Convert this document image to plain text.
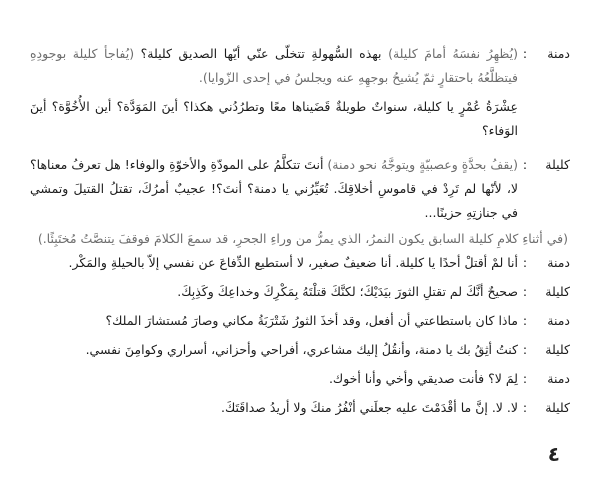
دمنة
:
(يُظهِرُ نفسَهُ أمامَ كليلة) بهذه السُّهولةِ تتخلّى عنّي أيّها الصديق كليلة؟ (يُفاجأ كليلة بوجودِهِ فيتظلَّعُهُ باحتقارٍ ثمّ يُشيحُ بوجهِهِ عنه ويجلسُ في إحدى الزّوايا).
عِشْرَةُ عُمْرٍ يا كليلة، سنواتٌ طويلةٌ قَضَيناها معًا وتطرُدُني هكذا؟ أينَ المَوَدَّة؟ أين الأُخُوَّة؟ أينَ الوَفاء؟
كليلة
:
(يقفُ بحدَّةٍ وعصبيّةٍ ويتوجَّهُ نحو دمنة) أنتَ تتكلَّمُ على المودّةِ والأخوّةِ والوفاء! هل تعرفُ معناها؟ لا، لأنّها لم تَرِدْ في قاموسِ أخلاقِكَ. تُعَيِّرُني يا دمنة؟ أنتَ؟! عجيبٌ أمرُكَ، تقتلُ القتيلَ وتمشي في جنازتِهِ حزينًا...
(في أثناءِ كلامِ كليلة السابق يكون النمرُ، الذي يمرُّ من وراءِ الجحرِ، قد سمعَ الكلامَ فوقفَ يتنصَّتُ مُختَبِئًا.)
دمنة
:
أنا لمْ أقتلْ أحدًا يا كليلة. أنا ضعيفٌ صغير، لا أستطيع الدِّفاعَ عن نفسي إلاّ بالحيلةِ والمَكْر.
كليلة
:
صحيحٌ أنَّكَ لم تقتلِ الثورَ بيَدَيْكَ؛ لكنَّكَ قتلْتَهُ بِمَكْرِكَ وخداعِكَ وكَذِبِكَ.
دمنة
:
ماذا كان باستطاعتي أن أفعل، وقد أخذَ الثورُ شَتْرَبَةُ مكاني وصارَ مُستشارَ الملك؟
كليلة
:
كنتُ أثِقُ بك يا دمنة، وأنقُلُ إليك مشاعري، أفراحي وأحزاني، أسراري وكوامِنَ نفسي.
دمنة
:
لِمَ لا؟ فأنت صديقي وأخي وأنا أخوك.
كليلة
:
لا. لا. إنَّ ما أقْدَمْتَ عليه جعلَني أنْفُرُ منكَ ولا أريدُ صداقَتَكَ.
٤
